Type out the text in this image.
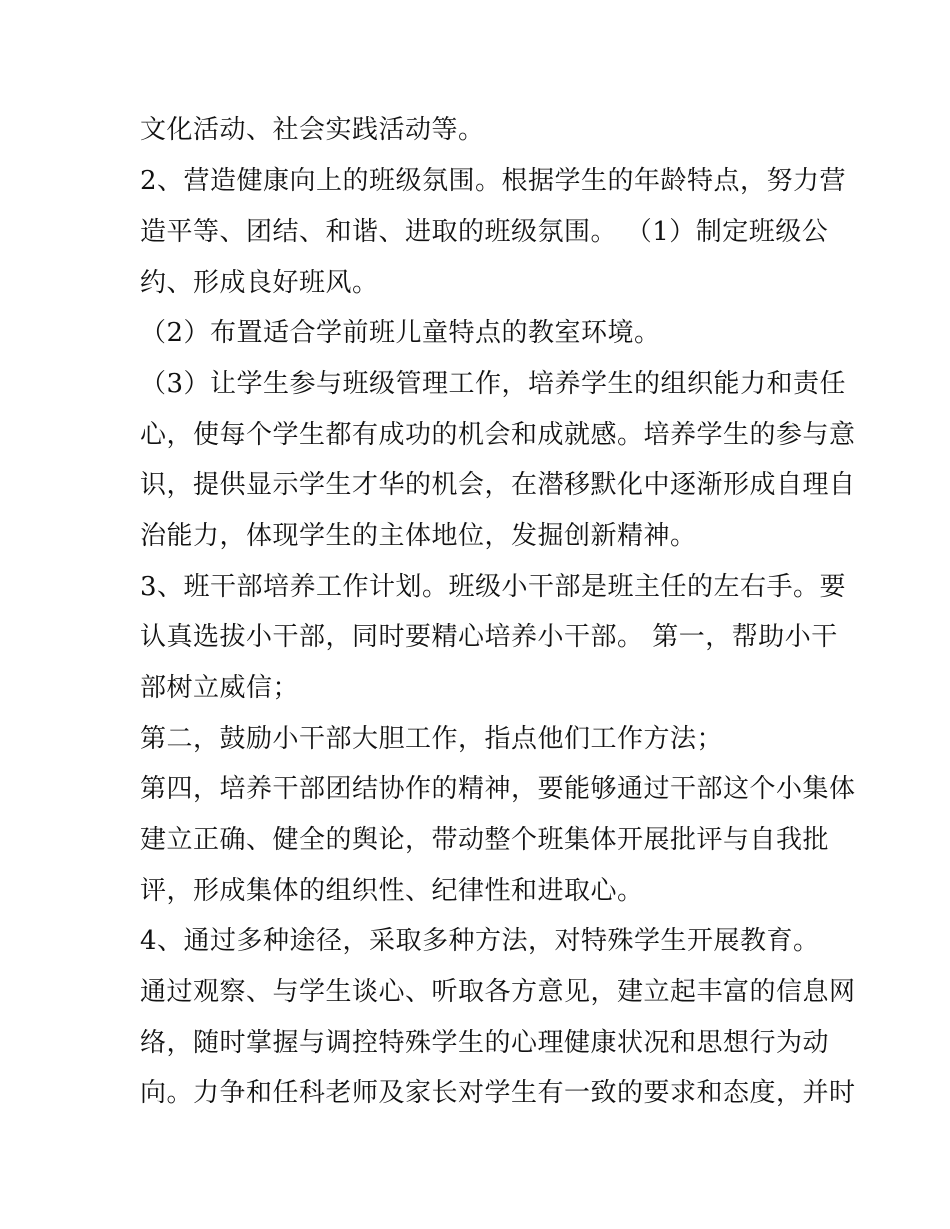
文化活动、社会实践活动等。
2、营造健康向上的班级氛围。根据学生的年龄特点，努力营
造平等、团结、和谐、进取的班级氛围。 （1）制定班级公
约、形成良好班风。
（2）布置适合学前班儿童特点的教室环境。
（3）让学生参与班级管理工作，培养学生的组织能力和责任
心，使每个学生都有成功的机会和成就感。培养学生的参与意
识，提供显示学生才华的机会，在潜移默化中逐渐形成自理自
治能力，体现学生的主体地位，发掘创新精神。
3、班干部培养工作计划。班级小干部是班主任的左右手。要
认真选拔小干部，同时要精心培养小干部。 第一，帮助小干
部树立威信；
第二，鼓励小干部大胆工作，指点他们工作方法；
第四，培养干部团结协作的精神，要能够通过干部这个小集体
建立正确、健全的舆论，带动整个班集体开展批评与自我批
评，形成集体的组织性、纪律性和进取心。
4、通过多种途径，采取多种方法，对特殊学生开展教育。
通过观察、与学生谈心、听取各方意见，建立起丰富的信息网
络，随时掌握与调控特殊学生的心理健康状况和思想行为动
向。力争和任科老师及家长对学生有一致的要求和态度，并时
